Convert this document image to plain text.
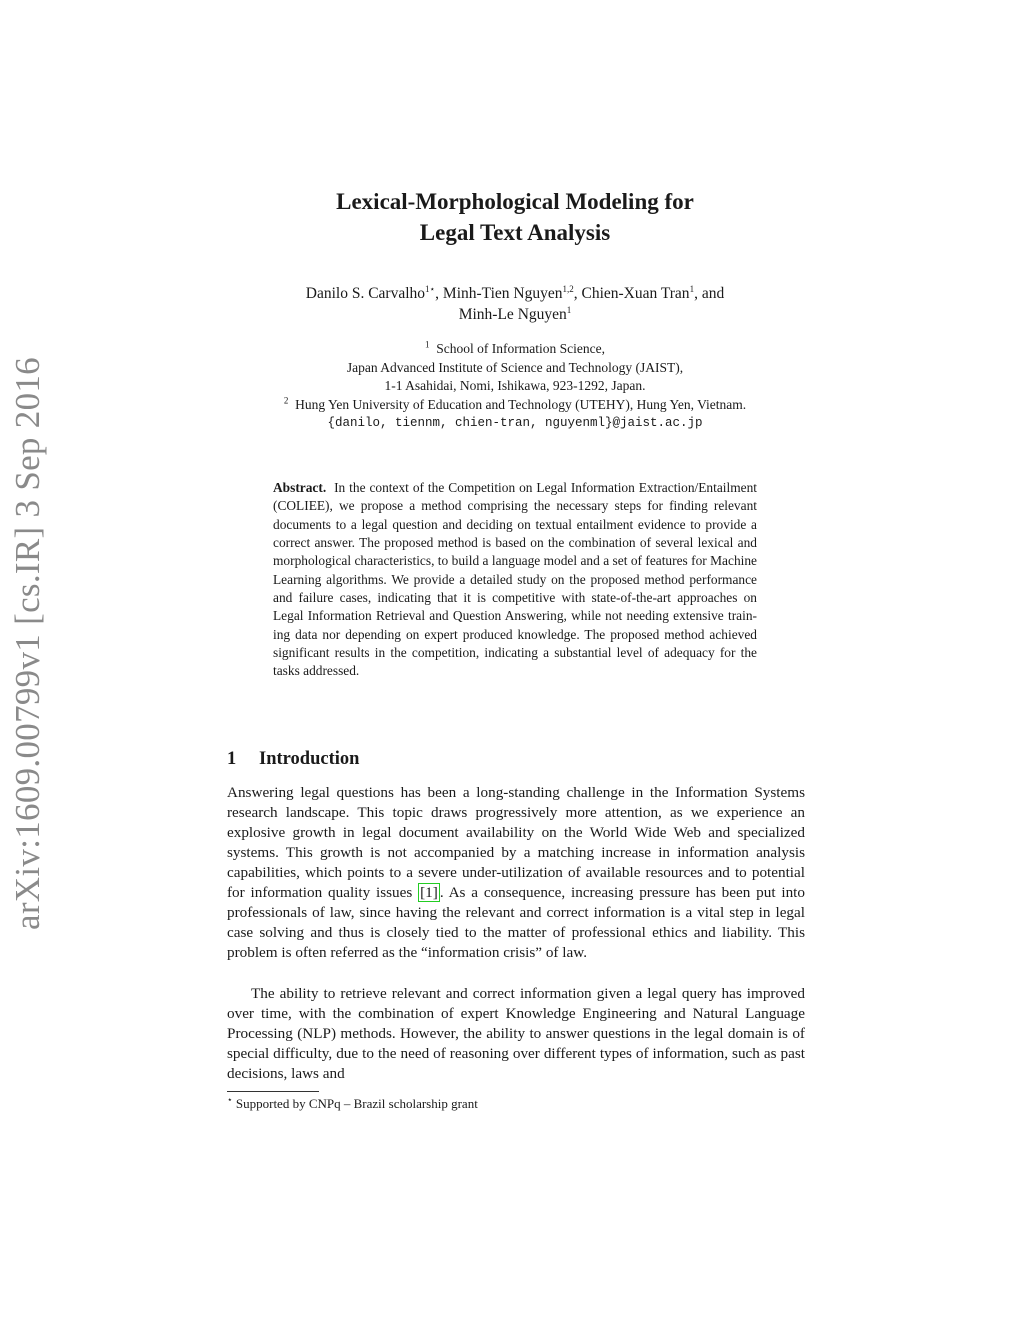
arXiv:1609.00799v1 [cs.IR] 3 Sep 2016
Lexical-Morphological Modeling for
Legal Text Analysis
Danilo S. Carvalho$^{1⋆}$, Minh-Tien Nguyen$^{1,2}$, Chien-Xuan Tran$^1$, and
Minh-Le Nguyen$^1$
$^1$ School of Information Science,
Japan Advanced Institute of Science and Technology (JAIST),
1-1 Asahidai, Nomi, Ishikawa, 923-1292, Japan.
$^2$ Hung Yen University of Education and Technology (UTEHY), Hung Yen, Vietnam.
{danilo, tiennm, chien-tran, nguyenml}@jaist.ac.jp
Abstract. In the context of the Competition on Legal Information Extraction/Entailment (COLIEE), we propose a method comprising the necessary steps for finding relevant documents to a legal question and deciding on textual entailment evidence to provide a correct answer. The proposed method is based on the combination of several lexical and morphological characteristics, to build a language model and a set of features for Machine Learning algorithms. We provide a detailed study on the proposed method performance and failure cases, indicating that it is competitive with state-of-the-art approaches on Legal Information Retrieval and Question Answering, while not needing extensive training data nor depending on expert produced knowledge. The proposed method achieved significant results in the competition, indicating a substantial level of adequacy for the tasks addressed.
1 Introduction
Answering legal questions has been a long-standing challenge in the Information Systems research landscape. This topic draws progressively more attention, as we experience an explosive growth in legal document availability on the World Wide Web and specialized systems. This growth is not accompanied by a matching increase in information analysis capabilities, which points to a severe under-utilization of available resources and to potential for information quality issues [1] . As a consequence, increasing pressure has been put into professionals of law, since having the relevant and correct information is a vital step in legal case solving and thus is closely tied to the matter of professional ethics and liability. This problem is often referred as the “information crisis” of law.
The ability to retrieve relevant and correct information given a legal query has improved over time, with the combination of expert Knowledge Engineering and Natural Language Processing (NLP) methods. However, the ability to answer questions in the legal domain is of special difficulty, due to the need of reasoning over different types of information, such as past decisions, laws and
⋆ Supported by CNPq – Brazil scholarship grant
